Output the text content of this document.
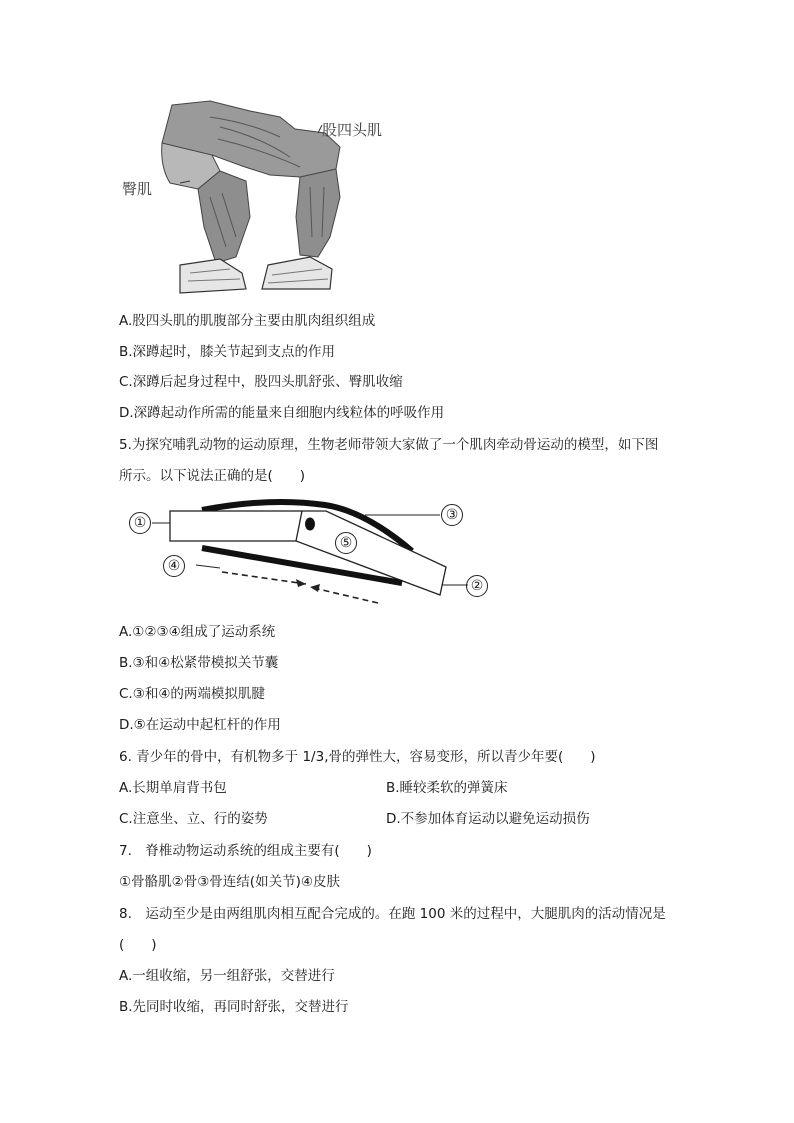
股四头肌
臀肌
A.股四头肌的肌腹部分主要由肌肉组织组成
B.深蹲起时，膝关节起到支点的作用
C.深蹲后起身过程中，股四头肌舒张、臀肌收缩
D.深蹲起动作所需的能量来自细胞内线粒体的呼吸作用
5.为探究哺乳动物的运动原理，生物老师带领大家做了一个肌肉牵动骨运动的模型，如下图
所示。以下说法正确的是(　　)
①	③
⑤
④
②
A.①②③④组成了运动系统
B.③和④松紧带模拟关节囊
C.③和④的两端模拟肌腱
D.⑤在运动中起杠杆的作用
6. 青少年的骨中，有机物多于 1/3,骨的弹性大，容易变形，所以青少年要(　　)
A.长期单肩背书包	B.睡较柔软的弹簧床
C.注意坐、立、行的姿势	D.不参加体育运动以避免运动损伤
7.　脊椎动物运动系统的组成主要有(　　)
①骨骼肌②骨③骨连结(如关节)④皮肤
8.　运动至少是由两组肌肉相互配合完成的。在跑 100 米的过程中，大腿肌肉的活动情况是
(　　)
A.一组收缩，另一组舒张，交替进行
B.先同时收缩，再同时舒张，交替进行
